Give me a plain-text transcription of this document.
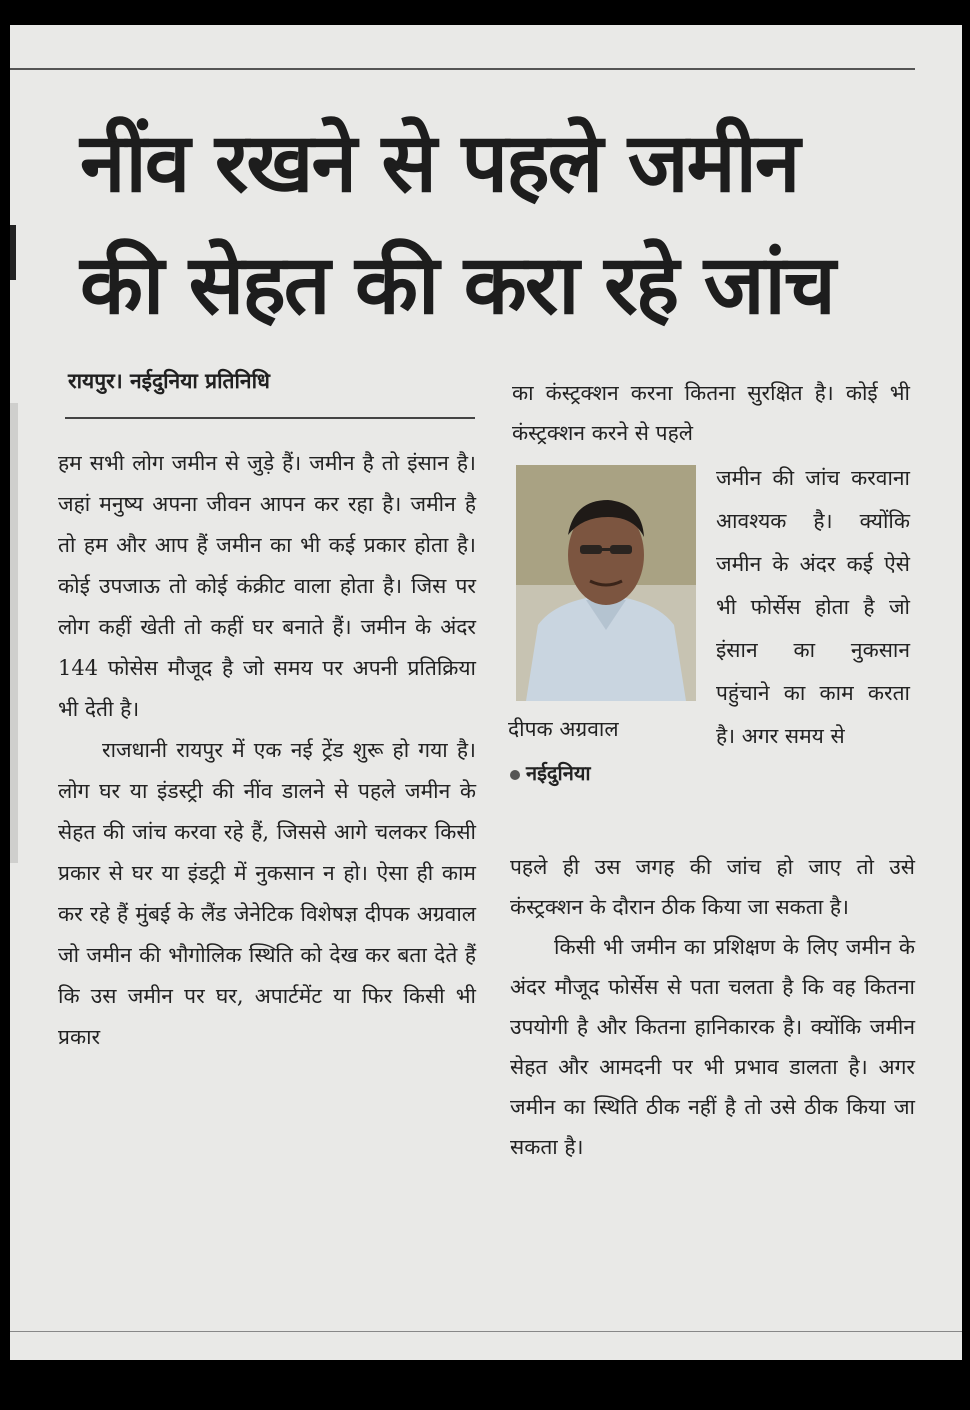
नींव रखने से पहले जमीन
की सेहत की करा रहे जांच
रायपुर। नईदुनिया प्रतिनिधि

हम सभी लोग जमीन से जुड़े हैं। जमीन है तो इंसान है। जहां मनुष्य अपना जीवन आपन कर रहा है। जमीन है तो हम और आप हैं जमीन का भी कई प्रकार होता है। कोई उपजाऊ तो कोई कंक्रीट वाला होता है। जिस पर लोग कहीं खेती तो कहीं घर बनाते हैं। जमीन के अंदर 144 फोसेस मौजूद है जो समय पर अपनी प्रतिक्रिया भी देती है।

राजधानी रायपुर में एक नई ट्रेंड शुरू हो गया है। लोग घर या इंडस्ट्री की नींव डालने से पहले जमीन के सेहत की जांच करवा रहे हैं, जिससे आगे चलकर किसी प्रकार से घर या इंडट्री में नुकसान न हो। ऐसा ही काम कर रहे हैं मुंबई के लैंड जेनेटिक विशेषज्ञ दीपक अग्रवाल जो जमीन की भौगोलिक स्थिति को देख कर बता देते हैं कि उस जमीन पर घर, अपार्टमेंट या फिर किसी भी प्रकार

का कंस्ट्रक्शन करना कितना सुरक्षित है। कोई भी कंस्ट्रक्शन करने से पहले
जमीन की जांच करवाना आवश्यक है। क्योंकि जमीन के अंदर कई ऐसे भी फोर्सेस होता है जो इंसान का नुकसान पहुंचाने का काम करता है। अगर समय से
दीपक अग्रवाल
नईदुनिया

पहले ही उस जगह की जांच हो जाए तो उसे कंस्ट्रक्शन के दौरान ठीक किया जा सकता है।

किसी भी जमीन का प्रशिक्षण के लिए जमीन के अंदर मौजूद फोर्सेस से पता चलता है कि वह कितना उपयोगी है और कितना हानिकारक है। क्योंकि जमीन सेहत और आमदनी पर भी प्रभाव डालता है। अगर जमीन का स्थिति ठीक नहीं है तो उसे ठीक किया जा सकता है।
